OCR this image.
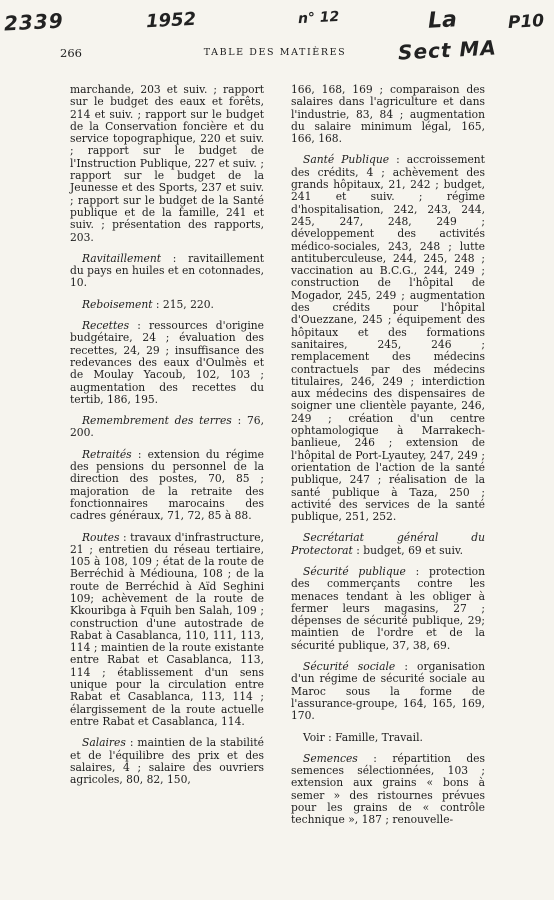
2339	1952	n° 12	La
Sect MA
P10
266	TABLE DES MATIÈRES

marchande, 203 et suiv. ; rapport sur le budget des eaux et forêts, 214 et suiv. ; rapport sur le budget de la Conservation foncière et du service topographique, 220 et suiv. ; rapport sur le budget de l'Instruction Publique, 227 et suiv. ; rapport sur le budget de la Jeunesse et des Sports, 237 et suiv. ; rapport sur le budget de la Santé publique et de la famille, 241 et suiv. ; présentation des rapports, 203.

Ravitaillement : ravitaillement du pays en huiles et en cotonnades, 10.

Reboisement : 215, 220.

Recettes : ressources d'origine budgétaire, 24 ; évaluation des recettes, 24, 29 ; insuffisance des redevances des eaux d'Oulmès et de Moulay Yacoub, 102, 103 ; augmentation des recettes du tertib, 186, 195.

Remembrement des terres : 76, 200.

Retraités : extension du régime des pensions du personnel de la direction des postes, 70, 85 ; majoration de la retraite des fonctionnaires marocains des cadres généraux, 71, 72, 85 à 88.

Routes : travaux d'infrastructure, 21 ; entretien du réseau tertiaire, 105 à 108, 109 ; état de la route de Berréchid à Médiouna, 108 ; de la route de Berréchid à Aïd Seghini 109; achèvement de la route de Kkouribga à Fquih ben Salah, 109 ; construction d'une autostrade de Rabat à Casablanca, 110, 111, 113, 114 ; maintien de la route existante entre Rabat et Casablanca, 113, 114 ; établissement d'un sens unique pour la circulation entre Rabat et Casablanca, 113, 114 ; élargissement de la route actuelle entre Rabat et Casablanca, 114.

Salaires : maintien de la stabilité et de l'équilibre des prix et des salaires, 4 ; salaire des ouvriers agricoles, 80, 82, 150,

166, 168, 169 ; comparaison des salaires dans l'agriculture et dans l'industrie, 83, 84 ; augmentation du salaire minimum légal, 165, 166, 168.

Santé Publique : accroissement des crédits, 4 ; achèvement des grands hôpitaux, 21, 242 ; budget, 241 et suiv. ; régime d'hospitalisation, 242, 243, 244, 245, 247, 248, 249 ; développement des activités médico-sociales, 243, 248 ; lutte antituberculeuse, 244, 245, 248 ; vaccination au B.C.G., 244, 249 ; construction de l'hôpital de Mogador, 245, 249 ; augmentation des crédits pour l'hôpital d'Ouezzane, 245 ; équipement des hôpitaux et des formations sanitaires, 245, 246 ; remplacement des médecins contractuels par des médecins titulaires, 246, 249 ; interdiction aux médecins des dispensaires de soigner une clientèle payante, 246, 249 ; création d'un centre ophtamologique à Marrakech-banlieue, 246 ; extension de l'hôpital de Port-Lyautey, 247, 249 ; orientation de l'action de la santé publique, 247 ; réalisation de la santé publique à Taza, 250 ; activité des services de la santé publique, 251, 252.

Secrétariat général du Protectorat : budget, 69 et suiv.

Sécurité publique : protection des commerçants contre les menaces tendant à les obliger à fermer leurs magasins, 27 ; dépenses de sécurité publique, 29; maintien de l'ordre et de la sécurité publique, 37, 38, 69.

Sécurité sociale : organisation d'un régime de sécurité sociale au Maroc sous la forme de l'assurance-groupe, 164, 165, 169, 170.

Voir : Famille, Travail.

Semences : répartition des semences sélectionnées, 103 ; extension aux grains « bons à semer » des ristournes prévues pour les grains de « contrôle technique », 187 ; renouvelle-
